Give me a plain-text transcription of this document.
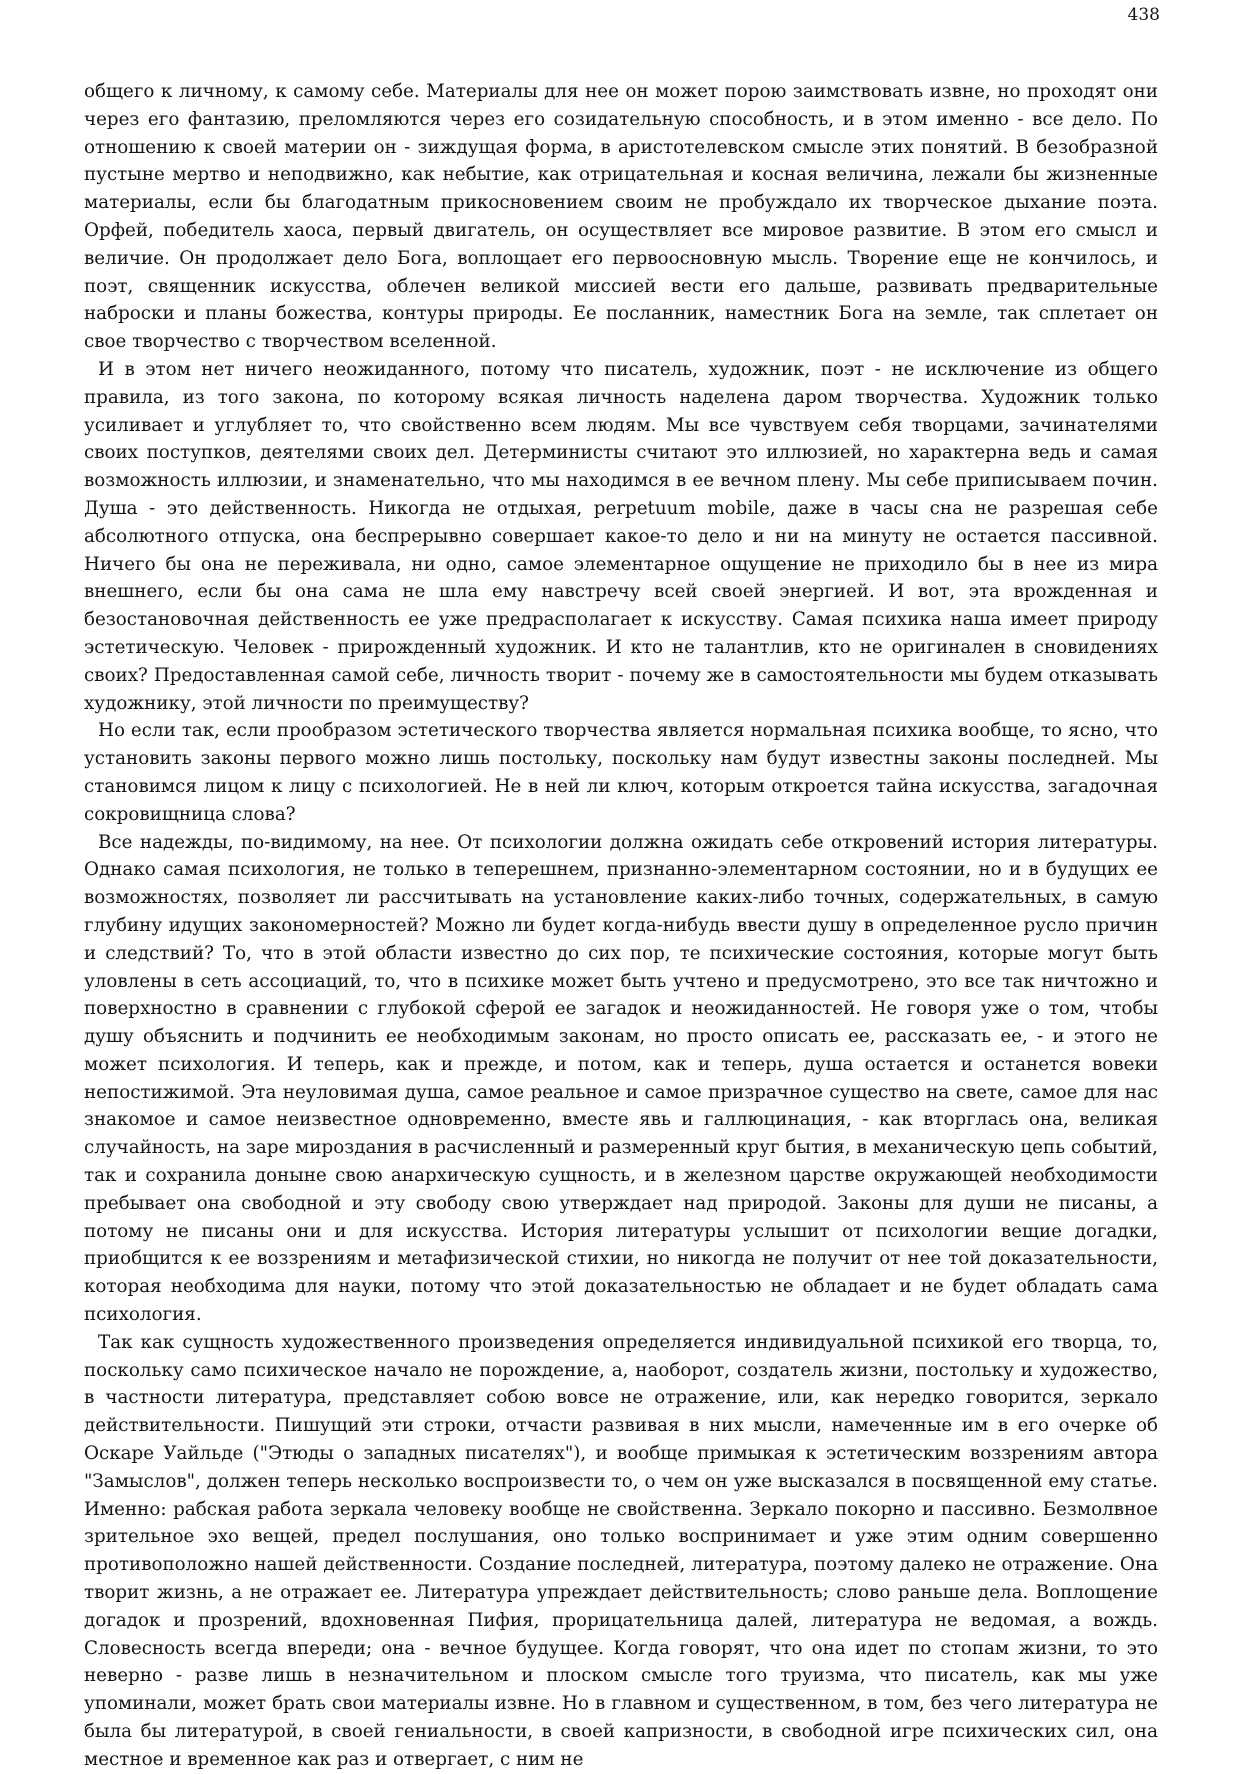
438

общего к личному, к самому себе. Материалы для нее он может порою заимствовать извне, но проходят они через его фантазию, преломляются через его созидательную способность, и в этом именно - все дело. По отношению к своей материи он - зиждущая форма, в аристотелевском смысле этих понятий. В безобразной пустыне мертво и неподвижно, как небытие, как отрицательная и косная величина, лежали бы жизненные материалы, если бы благодатным прикосновением своим не пробуждало их творческое дыхание поэта. Орфей, победитель хаоса, первый двигатель, он осуществляет все мировое развитие. В этом его смысл и величие. Он продолжает дело Бога, воплощает его первоосновную мысль. Творение еще не кончилось, и поэт, священник искусства, облечен великой миссией вести его дальше, развивать предварительные наброски и планы божества, контуры природы. Ее посланник, наместник Бога на земле, так сплетает он свое творчество с творчеством вселенной.

И в этом нет ничего неожиданного, потому что писатель, художник, поэт - не исключение из общего правила, из того закона, по которому всякая личность наделена даром творчества. Художник только усиливает и углубляет то, что свойственно всем людям. Мы все чувствуем себя творцами, зачинателями своих поступков, деятелями своих дел. Детерминисты считают это иллюзией, но характерна ведь и самая возможность иллюзии, и знаменательно, что мы находимся в ее вечном плену. Мы себе приписываем почин. Душа - это действенность. Никогда не отдыхая, perpetuum mobile, даже в часы сна не разрешая себе абсолютного отпуска, она беспрерывно совершает какое-то дело и ни на минуту не остается пассивной. Ничего бы она не переживала, ни одно, самое элементарное ощущение не приходило бы в нее из мира внешнего, если бы она сама не шла ему навстречу всей своей энергией. И вот, эта врожденная и безостановочная действенность ее уже предрасполагает к искусству. Самая психика наша имеет природу эстетическую. Человек - прирожденный художник. И кто не талантлив, кто не оригинален в сновидениях своих? Предоставленная самой себе, личность творит - почему же в самостоятельности мы будем отказывать художнику, этой личности по преимуществу?

Но если так, если прообразом эстетического творчества является нормальная психика вообще, то ясно, что установить законы первого можно лишь постольку, поскольку нам будут известны законы последней. Мы становимся лицом к лицу с психологией. Не в ней ли ключ, которым откроется тайна искусства, загадочная сокровищница слова?

Все надежды, по-видимому, на нее. От психологии должна ожидать себе откровений история литературы. Однако самая психология, не только в теперешнем, признанно-элементарном состоянии, но и в будущих ее возможностях, позволяет ли рассчитывать на установление каких-либо точных, содержательных, в самую глубину идущих закономерностей? Можно ли будет когда-нибудь ввести душу в определенное русло причин и следствий? То, что в этой области известно до сих пор, те психические состояния, которые могут быть уловлены в сеть ассоциаций, то, что в психике может быть учтено и предусмотрено, это все так ничтожно и поверхностно в сравнении с глубокой сферой ее загадок и неожиданностей. Не говоря уже о том, чтобы душу объяснить и подчинить ее необходимым законам, но просто описать ее, рассказать ее, - и этого не может психология. И теперь, как и прежде, и потом, как и теперь, душа остается и останется вовеки непостижимой. Эта неуловимая душа, самое реальное и самое призрачное существо на свете, самое для нас знакомое и самое неизвестное одновременно, вместе явь и галлюцинация, - как вторглась она, великая случайность, на заре мироздания в расчисленный и размеренный круг бытия, в механическую цепь событий, так и сохранила доныне свою анархическую сущность, и в железном царстве окружающей необходимости пребывает она свободной и эту свободу свою утверждает над природой. Законы для души не писаны, а потому не писаны они и для искусства. История литературы услышит от психологии вещие догадки, приобщится к ее воззрениям и метафизической стихии, но никогда не получит от нее той доказательности, которая необходима для науки, потому что этой доказательностью не обладает и не будет обладать сама психология.

Так как сущность художественного произведения определяется индивидуальной психикой его творца, то, поскольку само психическое начало не порождение, а, наоборот, создатель жизни, постольку и художество, в частности литература, представляет собою вовсе не отражение, или, как нередко говорится, зеркало действительности. Пишущий эти строки, отчасти развивая в них мысли, намеченные им в его очерке об Оскаре Уайльде ("Этюды о западных писателях"), и вообще примыкая к эстетическим воззрениям автора "Замыслов", должен теперь несколько воспроизвести то, о чем он уже высказался в посвященной ему статье. Именно: рабская работа зеркала человеку вообще не свойственна. Зеркало покорно и пассивно. Безмолвное зрительное эхо вещей, предел послушания, оно только воспринимает и уже этим одним совершенно противоположно нашей действенности. Создание последней, литература, поэтому далеко не отражение. Она творит жизнь, а не отражает ее. Литература упреждает действительность; слово раньше дела. Воплощение догадок и прозрений, вдохновенная Пифия, прорицательница далей, литература не ведомая, а вождь. Словесность всегда впереди; она - вечное будущее. Когда говорят, что она идет по стопам жизни, то это неверно - разве лишь в незначительном и плоском смысле того труизма, что писатель, как мы уже упоминали, может брать свои материалы извне. Но в главном и существенном, в том, без чего литература не была бы литературой, в своей гениальности, в своей капризности, в свободной игре психических сил, она местное и временное как раз и отвергает, с ним не
